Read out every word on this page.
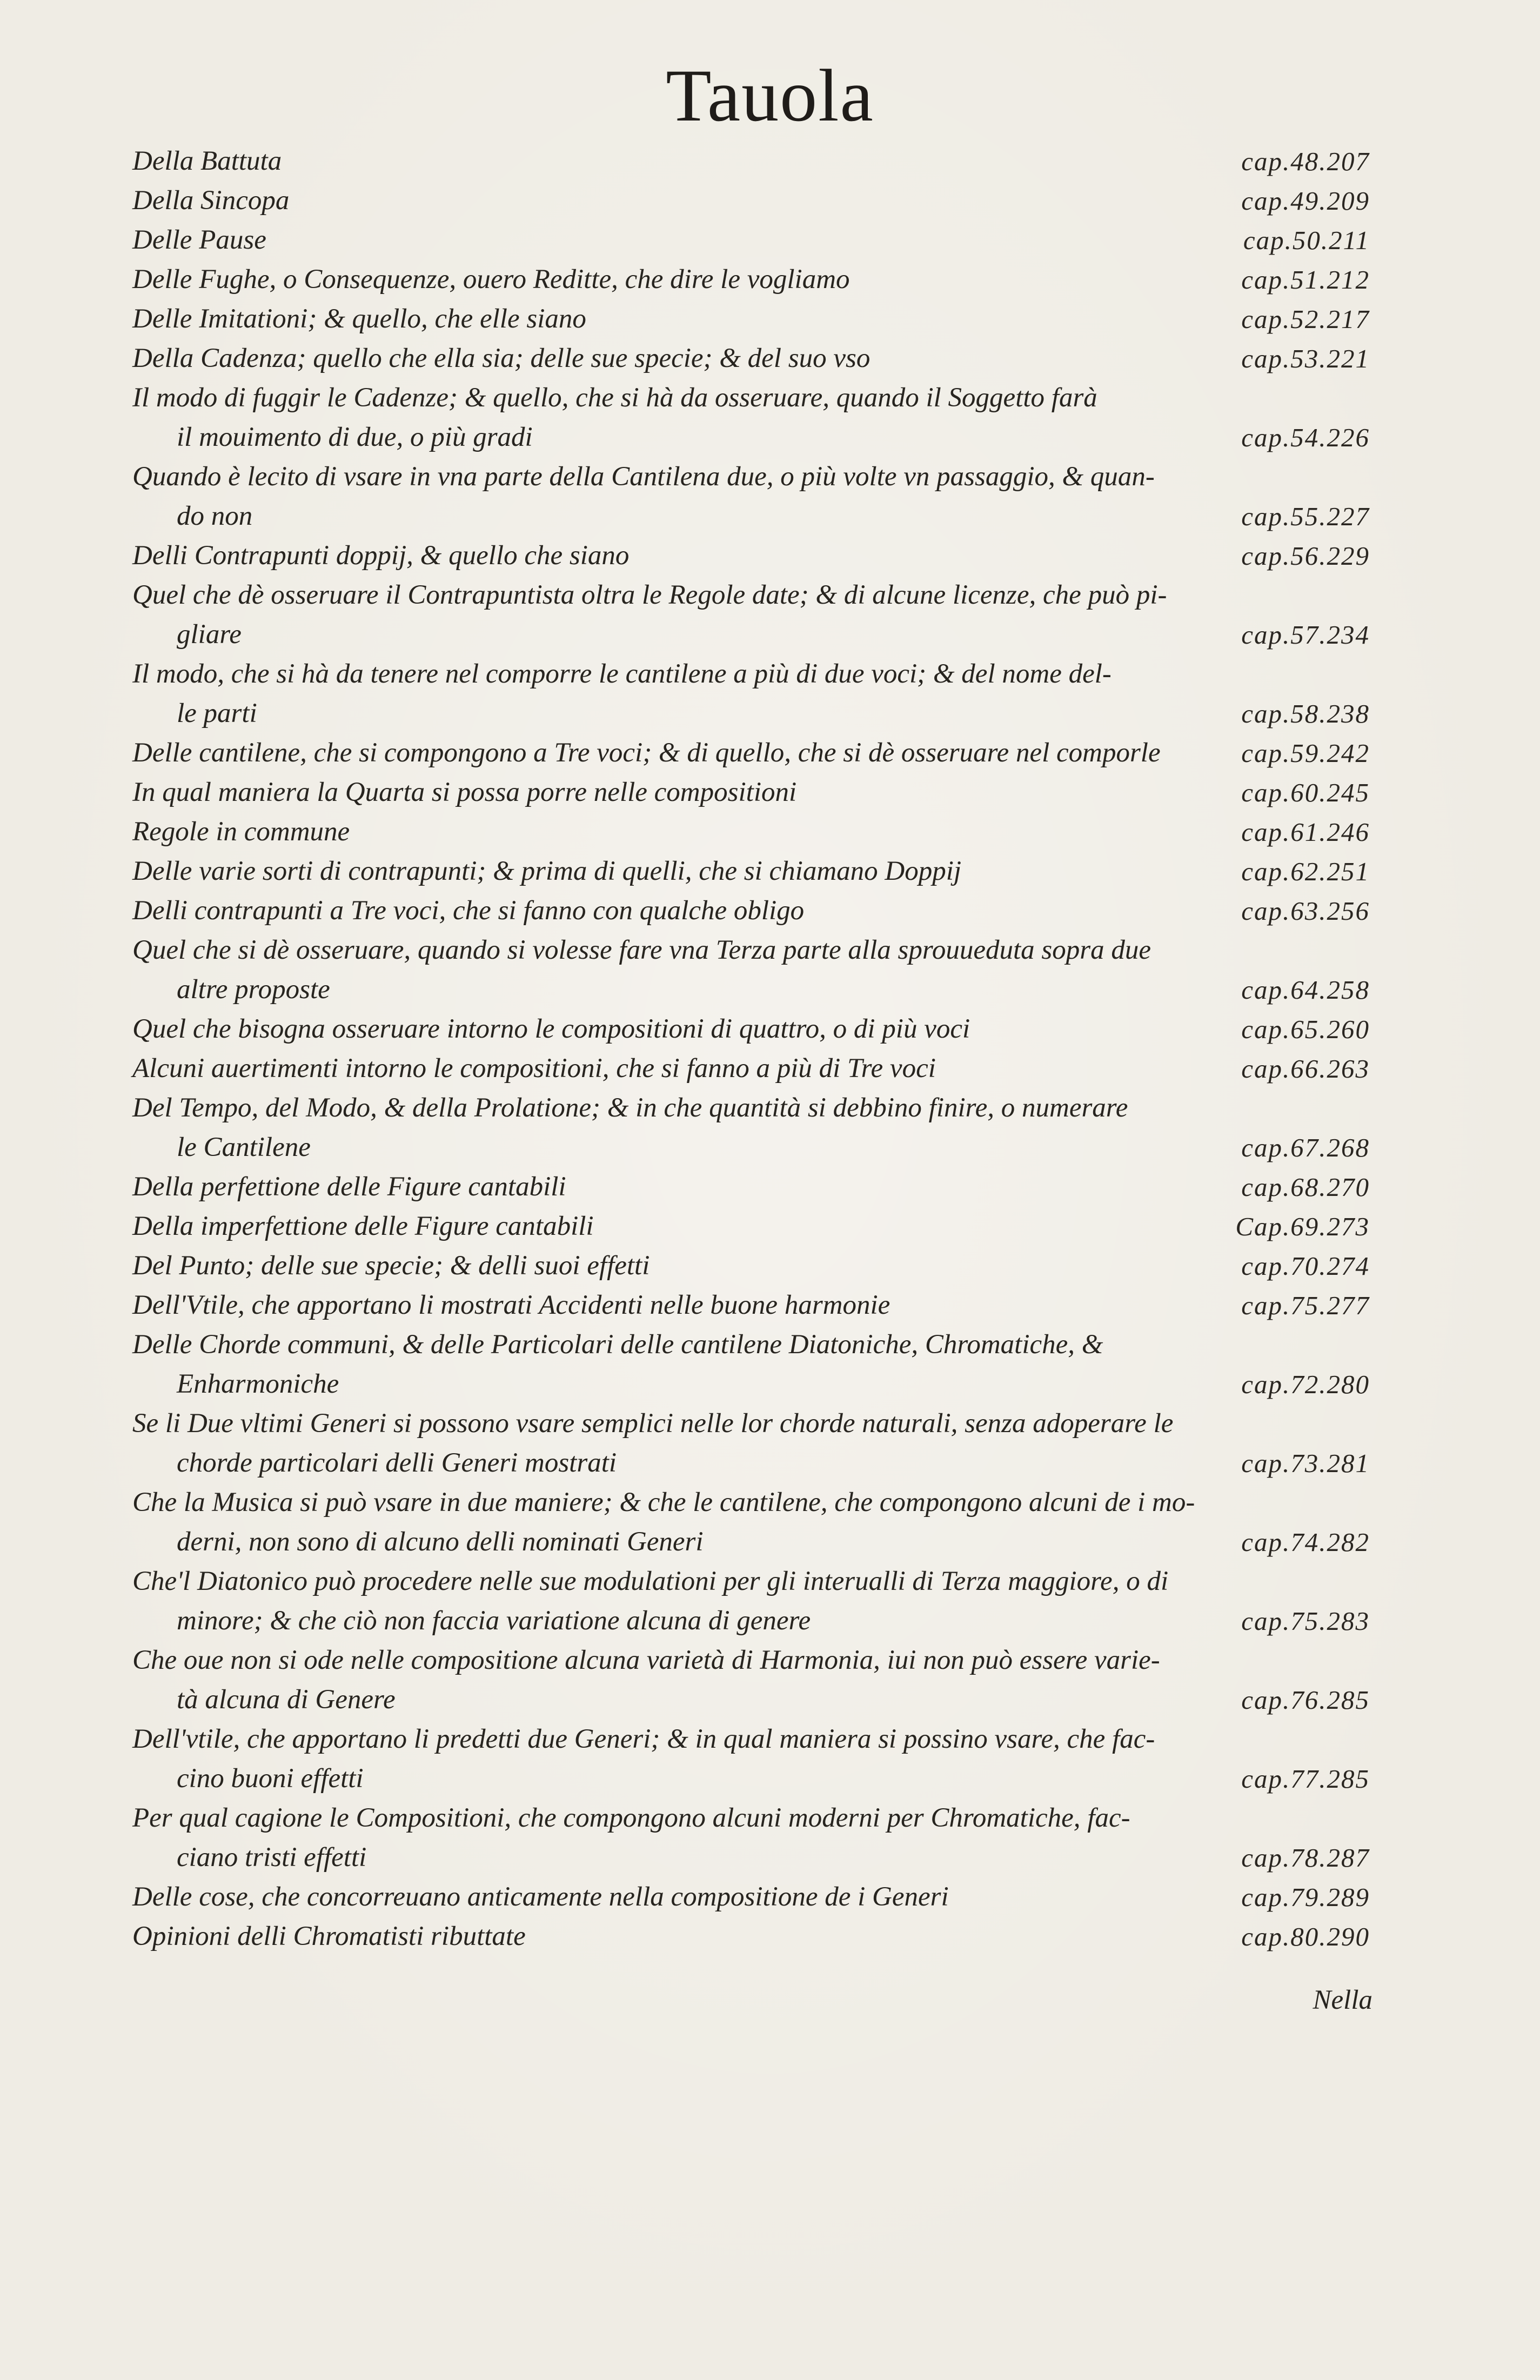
Tauola

Della Battuta	cap.48.207

Della Sincopa	cap.49.209

Delle Pause	cap.50.211

Delle Fughe, o Consequenze, ouero Reditte, che dire le vogliamo	cap.51.212

Delle Imitationi; & quello, che elle siano	cap.52.217

Della Cadenza; quello che ella sia; delle sue specie; & del suo vso	cap.53.221

Il modo di fuggir le Cadenze; & quello, che si hà da osseruare, quando il Soggetto farà
il mouimento di due, o più gradi	cap.54.226

Quando è lecito di vsare in vna parte della Cantilena due, o più volte vn passaggio, & quan-
do non	cap.55.227

Delli Contrapunti doppij, & quello che siano	cap.56.229

Quel che dè osseruare il Contrapuntista oltra le Regole date; & di alcune licenze, che può pi-
gliare	cap.57.234

Il modo, che si hà da tenere nel comporre le cantilene a più di due voci; & del nome del-
le parti	cap.58.238

Delle cantilene, che si compongono a Tre voci; & di quello, che si dè osseruare nel comporle	cap.59.242

In qual maniera la Quarta si possa porre nelle compositioni	cap.60.245

Regole in commune	cap.61.246

Delle varie sorti di contrapunti; & prima di quelli, che si chiamano Doppij	cap.62.251

Delli contrapunti a Tre voci, che si fanno con qualche obligo	cap.63.256

Quel che si dè osseruare, quando si volesse fare vna Terza parte alla sprouueduta sopra due
altre proposte	cap.64.258

Quel che bisogna osseruare intorno le compositioni di quattro, o di più voci	cap.65.260

Alcuni auertimenti intorno le compositioni, che si fanno a più di Tre voci	cap.66.263

Del Tempo, del Modo, & della Prolatione; & in che quantità si debbino finire, o numerare
le Cantilene	cap.67.268

Della perfettione delle Figure cantabili	cap.68.270

Della imperfettione delle Figure cantabili	Cap.69.273

Del Punto; delle sue specie; & delli suoi effetti	cap.70.274

Dell'Vtile, che apportano li mostrati Accidenti nelle buone harmonie	cap.75.277

Delle Chorde communi, & delle Particolari delle cantilene Diatoniche, Chromatiche, &
Enharmoniche	cap.72.280

Se li Due vltimi Generi si possono vsare semplici nelle lor chorde naturali, senza adoperare le
chorde particolari delli Generi mostrati	cap.73.281

Che la Musica si può vsare in due maniere; & che le cantilene, che compongono alcuni de i mo-
derni, non sono di alcuno delli nominati Generi	cap.74.282

Che'l Diatonico può procedere nelle sue modulationi per gli interualli di Terza maggiore, o di
minore; & che ciò non faccia variatione alcuna di genere	cap.75.283

Che oue non si ode nelle compositione alcuna varietà di Harmonia, iui non può essere varie-
tà alcuna di Genere	cap.76.285

Dell'vtile, che apportano li predetti due Generi; & in qual maniera si possino vsare, che fac-
cino buoni effetti	cap.77.285

Per qual cagione le Compositioni, che compongono alcuni moderni per Chromatiche, fac-
ciano tristi effetti	cap.78.287

Delle cose, che concorreuano anticamente nella compositione de i Generi	cap.79.289

Opinioni delli Chromatisti ributtate	cap.80.290
Nella
